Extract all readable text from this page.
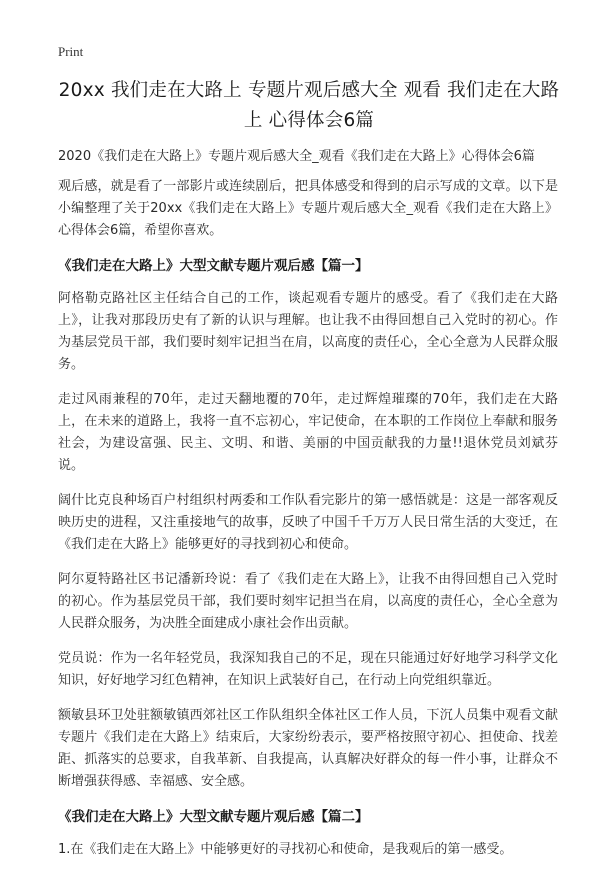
Print
20xx 我们走在大路上 专题片观后感大全 观看 我们走在大路上 心得体会6篇

2020《我们走在大路上》专题片观后感大全_观看《我们走在大路上》心得体会6篇

观后感，就是看了一部影片或连续剧后，把具体感受和得到的启示写成的文章。以下是小编整理了关于20xx《我们走在大路上》专题片观后感大全_观看《我们走在大路上》心得体会6篇，希望你喜欢。

《我们走在大路上》大型文献专题片观后感【篇一】

阿格勒克路社区主任结合自己的工作，谈起观看专题片的感受。看了《我们走在大路上》，让我对那段历史有了新的认识与理解。也让我不由得回想自己入党时的初心。作为基层党员干部，我们要时刻牢记担当在肩，以高度的责任心，全心全意为人民群众服务。

走过风雨兼程的70年，走过天翻地覆的70年，走过辉煌璀璨的70年，我们走在大路上，在未来的道路上，我将一直不忘初心，牢记使命，在本职的工作岗位上奉献和服务社会，为建设富强、民主、文明、和谐、美丽的中国贡献我的力量!!退休党员刘斌芬说。

阔什比克良种场百户村组织村两委和工作队看完影片的第一感悟就是：这是一部客观反映历史的进程，又注重接地气的故事，反映了中国千千万万人民日常生活的大变迁，在《我们走在大路上》能够更好的寻找到初心和使命。

阿尔夏特路社区书记潘新玲说：看了《我们走在大路上》，让我不由得回想自己入党时的初心。作为基层党员干部，我们要时刻牢记担当在肩，以高度的责任心，全心全意为人民群众服务，为决胜全面建成小康社会作出贡献。

党员说：作为一名年轻党员，我深知我自己的不足，现在只能通过好好地学习科学文化知识，好好地学习红色精神，在知识上武装好自己，在行动上向党组织靠近。

额敏县环卫处驻额敏镇西郊社区工作队组织全体社区工作人员，下沉人员集中观看文献专题片《我们走在大路上》结束后，大家纷纷表示，要严格按照守初心、担使命、找差距、抓落实的总要求，自我革新、自我提高，认真解决好群众的每一件小事，让群众不断增强获得感、幸福感、安全感。

《我们走在大路上》大型文献专题片观后感【篇二】

1.在《我们走在大路上》中能够更好的寻找初心和使命，是我观后的第一感受。
